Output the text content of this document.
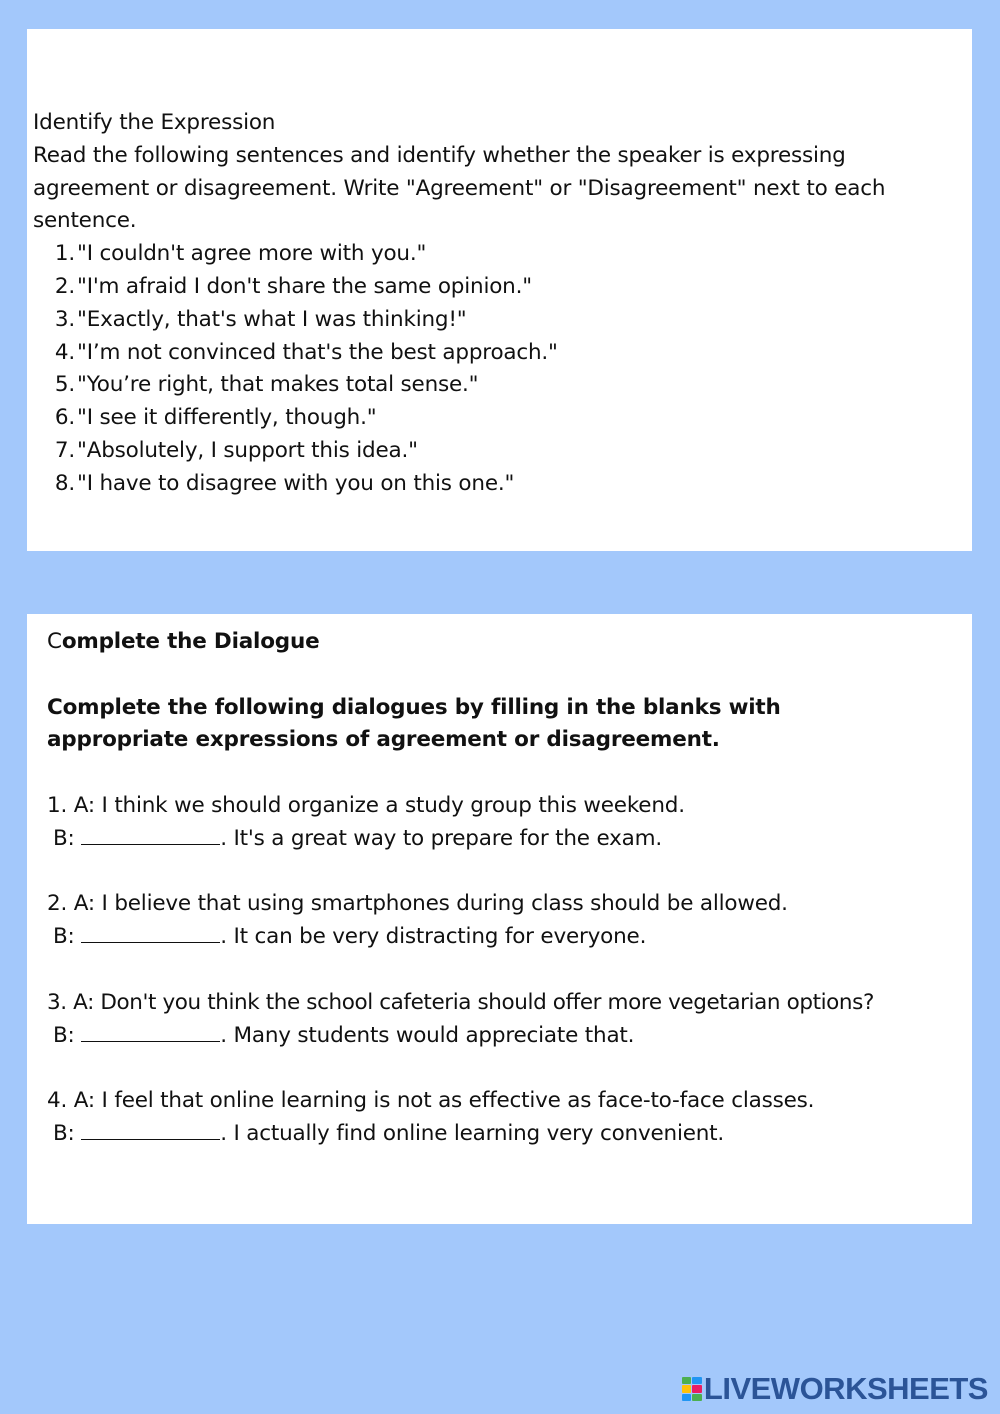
Identify the Expression
Read the following sentences and identify whether the speaker is expressing agreement or disagreement. Write "Agreement" or "Disagreement" next to each sentence.
1. "I couldn't agree more with you."
2. "I'm afraid I don't share the same opinion."
3. "Exactly, that's what I was thinking!"
4. "I’m not convinced that's the best approach."
5. "You’re right, that makes total sense."
6. "I see it differently, though."
7. "Absolutely, I support this idea."
8. "I have to disagree with you on this one."
Complete the Dialogue
Complete the following dialogues by filling in the blanks with appropriate expressions of agreement or disagreement.
1. A: I think we should organize a study group this weekend.
B:	. It's a great way to prepare for the exam.
2. A: I believe that using smartphones during class should be allowed.
B:	. It can be very distracting for everyone.
3. A: Don't you think the school cafeteria should offer more vegetarian options?
B:	. Many students would appreciate that.
4. A: I feel that online learning is not as effective as face-to-face classes.
B:	. I actually find online learning very convenient.
LIVEWORKSHEETS
